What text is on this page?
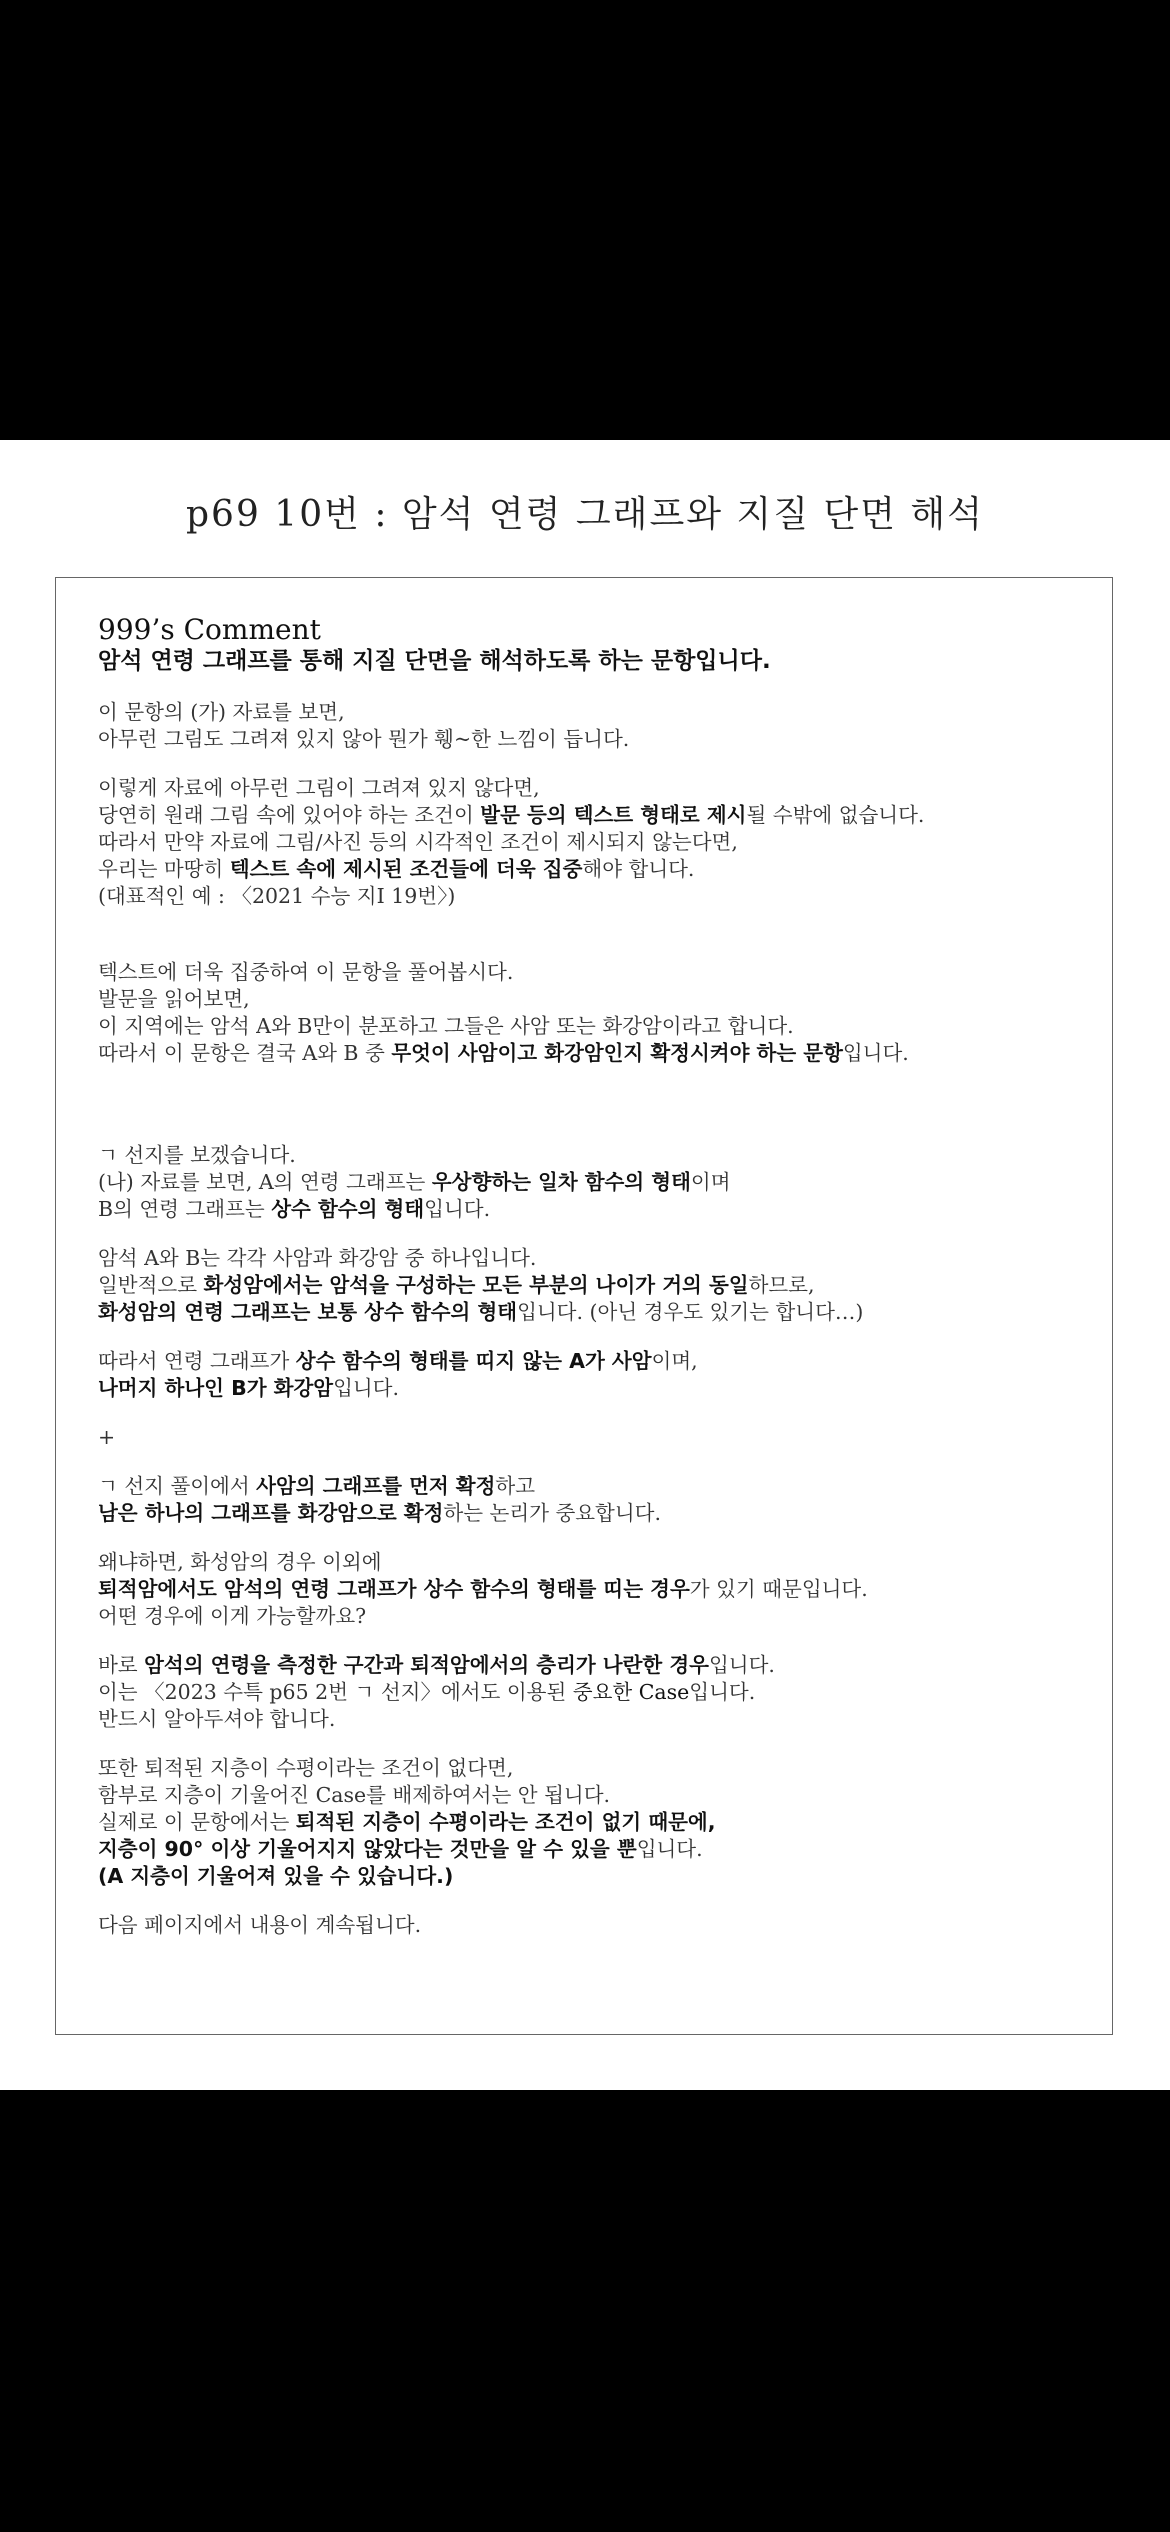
p69 10번 : 암석 연령 그래프와 지질 단면 해석
999’s Comment
암석 연령 그래프를 통해 지질 단면을 해석하도록 하는 문항입니다.
이 문항의 (가) 자료를 보면,
아무런 그림도 그려져 있지 않아 뭔가 휑~한 느낌이 듭니다.
이렇게 자료에 아무런 그림이 그려져 있지 않다면,
당연히 원래 그림 속에 있어야 하는 조건이 발문 등의 텍스트 형태로 제시될 수밖에 없습니다.
따라서 만약 자료에 그림/사진 등의 시각적인 조건이 제시되지 않는다면,
우리는 마땅히 텍스트 속에 제시된 조건들에 더욱 집중해야 합니다.
(대표적인 예 : 〈2021 수능 지Ⅰ 19번〉)
텍스트에 더욱 집중하여 이 문항을 풀어봅시다.
발문을 읽어보면,
이 지역에는 암석 A와 B만이 분포하고 그들은 사암 또는 화강암이라고 합니다.
따라서 이 문항은 결국 A와 B 중 무엇이 사암이고 화강암인지 확정시켜야 하는 문항입니다.
ㄱ 선지를 보겠습니다.
(나) 자료를 보면, A의 연령 그래프는 우상향하는 일차 함수의 형태이며
B의 연령 그래프는 상수 함수의 형태입니다.
암석 A와 B는 각각 사암과 화강암 중 하나입니다.
일반적으로 화성암에서는 암석을 구성하는 모든 부분의 나이가 거의 동일하므로,
화성암의 연령 그래프는 보통 상수 함수의 형태입니다. (아닌 경우도 있기는 합니다…)
따라서 연령 그래프가 상수 함수의 형태를 띠지 않는 A가 사암이며,
나머지 하나인 B가 화강암입니다.
+
ㄱ 선지 풀이에서 사암의 그래프를 먼저 확정하고
남은 하나의 그래프를 화강암으로 확정하는 논리가 중요합니다.
왜냐하면, 화성암의 경우 이외에
퇴적암에서도 암석의 연령 그래프가 상수 함수의 형태를 띠는 경우가 있기 때문입니다.
어떤 경우에 이게 가능할까요?
바로 암석의 연령을 측정한 구간과 퇴적암에서의 층리가 나란한 경우입니다.
이는 〈2023 수특 p65 2번 ㄱ 선지〉에서도 이용된 중요한 Case입니다.
반드시 알아두셔야 합니다.
또한 퇴적된 지층이 수평이라는 조건이 없다면,
함부로 지층이 기울어진 Case를 배제하여서는 안 됩니다.
실제로 이 문항에서는 퇴적된 지층이 수평이라는 조건이 없기 때문에,
지층이 90° 이상 기울어지지 않았다는 것만을 알 수 있을 뿐입니다.
(A 지층이 기울어져 있을 수 있습니다.)
다음 페이지에서 내용이 계속됩니다.
